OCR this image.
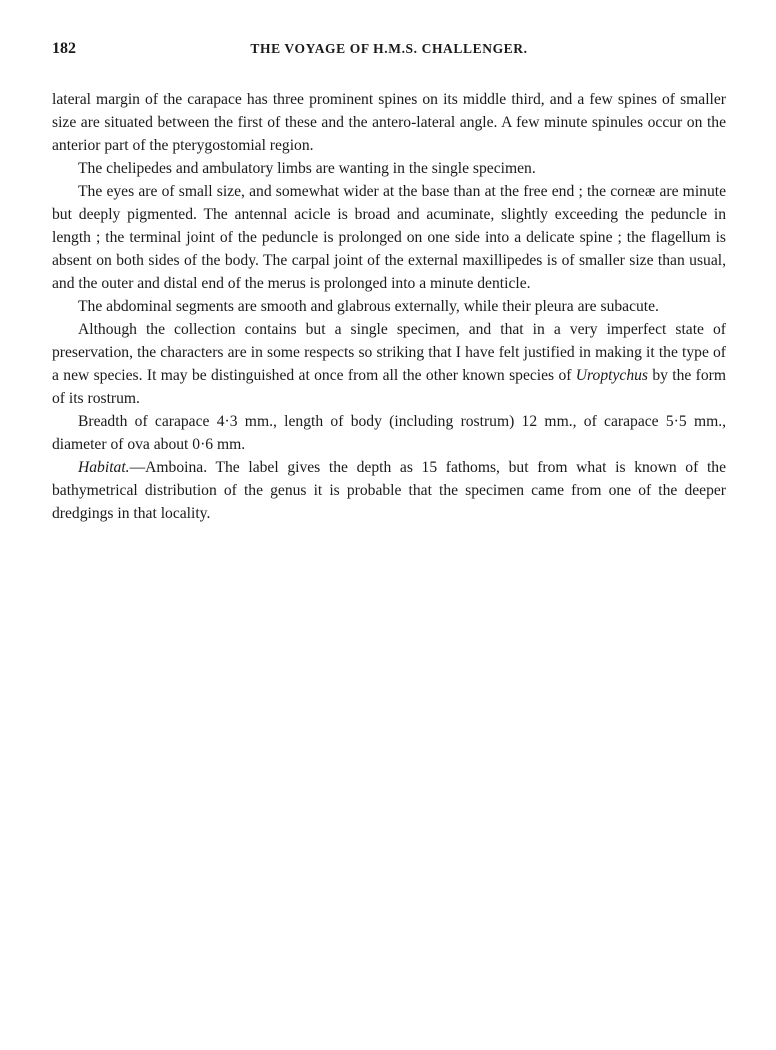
182	THE VOYAGE OF H.M.S. CHALLENGER.

lateral margin of the carapace has three prominent spines on its middle third, and a few spines of smaller size are situated between the first of these and the antero-lateral angle. A few minute spinules occur on the anterior part of the pterygostomial region.

The chelipedes and ambulatory limbs are wanting in the single specimen.

The eyes are of small size, and somewhat wider at the base than at the free end ; the corneæ are minute but deeply pigmented. The antennal acicle is broad and acuminate, slightly exceeding the peduncle in length ; the terminal joint of the peduncle is prolonged on one side into a delicate spine ; the flagellum is absent on both sides of the body. The carpal joint of the external maxillipedes is of smaller size than usual, and the outer and distal end of the merus is prolonged into a minute denticle.

The abdominal segments are smooth and glabrous externally, while their pleura are subacute.

Although the collection contains but a single specimen, and that in a very imperfect state of preservation, the characters are in some respects so striking that I have felt justified in making it the type of a new species. It may be distinguished at once from all the other known species of Uroptychus by the form of its rostrum.

Breadth of carapace 4·3 mm., length of body (including rostrum) 12 mm., of carapace 5·5 mm., diameter of ova about 0·6 mm.

Habitat.—Amboina. The label gives the depth as 15 fathoms, but from what is known of the bathymetrical distribution of the genus it is probable that the specimen came from one of the deeper dredgings in that locality.
